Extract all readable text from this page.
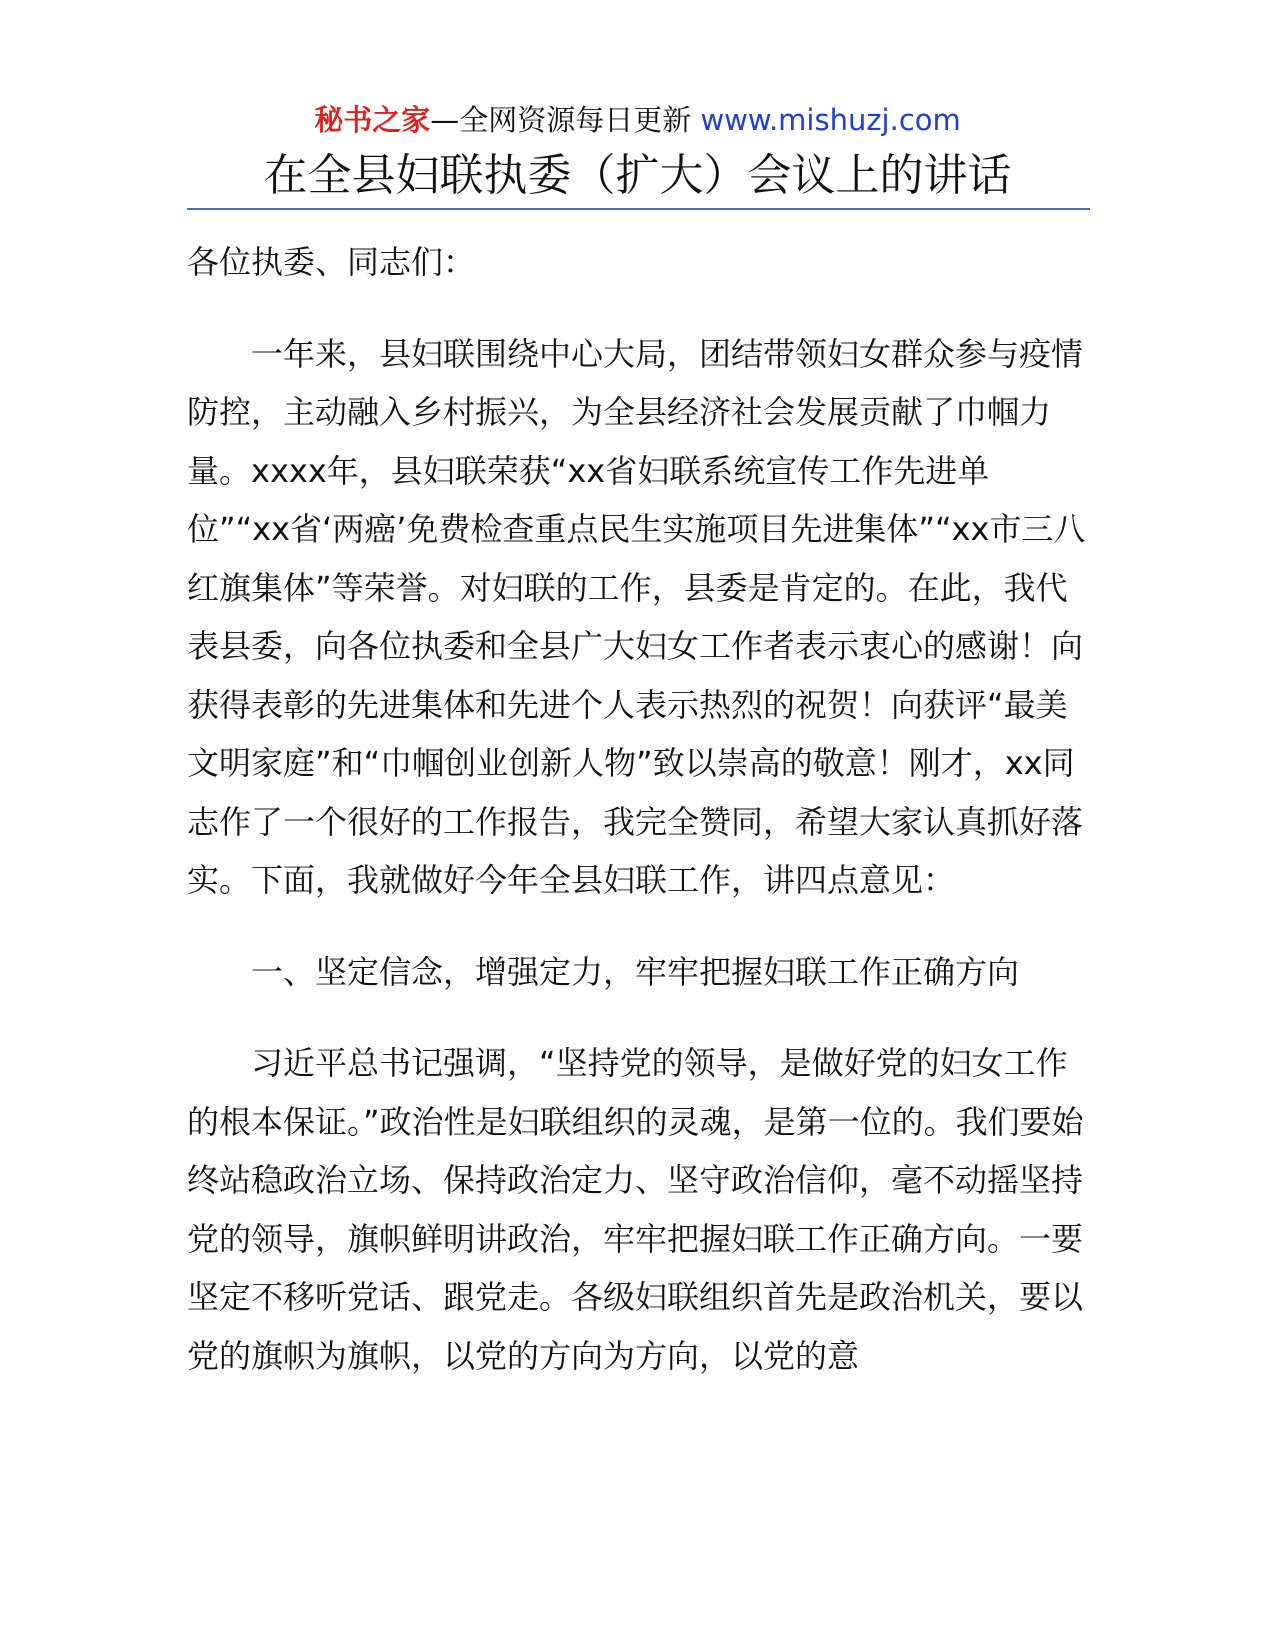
秘书之家—全网资源每日更新 www.mishuzj.com
在全县妇联执委（扩大）会议上的讲话

各位执委、同志们：

一年来，县妇联围绕中心大局，团结带领妇女群众参与疫情防控，主动融入乡村振兴，为全县经济社会发展贡献了巾帼力量。xxxx年，县妇联荣获“xx省妇联系统宣传工作先进单位”“xx省‘两癌’免费检查重点民生实施项目先进集体”“xx市三八红旗集体”等荣誉。对妇联的工作，县委是肯定的。在此，我代表县委，向各位执委和全县广大妇女工作者表示衷心的感谢！向获得表彰的先进集体和先进个人表示热烈的祝贺！向获评“最美文明家庭”和“巾帼创业创新人物”致以崇高的敬意！刚才，xx同志作了一个很好的工作报告，我完全赞同，希望大家认真抓好落实。下面，我就做好今年全县妇联工作，讲四点意见：

一、坚定信念，增强定力，牢牢把握妇联工作正确方向

习近平总书记强调，“坚持党的领导，是做好党的妇女工作的根本保证。”政治性是妇联组织的灵魂，是第一位的。我们要始终站稳政治立场、保持政治定力、坚守政治信仰，毫不动摇坚持党的领导，旗帜鲜明讲政治，牢牢把握妇联工作正确方向。一要坚定不移听党话、跟党走。各级妇联组织首先是政治机关，要以党的旗帜为旗帜，以党的方向为方向，以党的意
